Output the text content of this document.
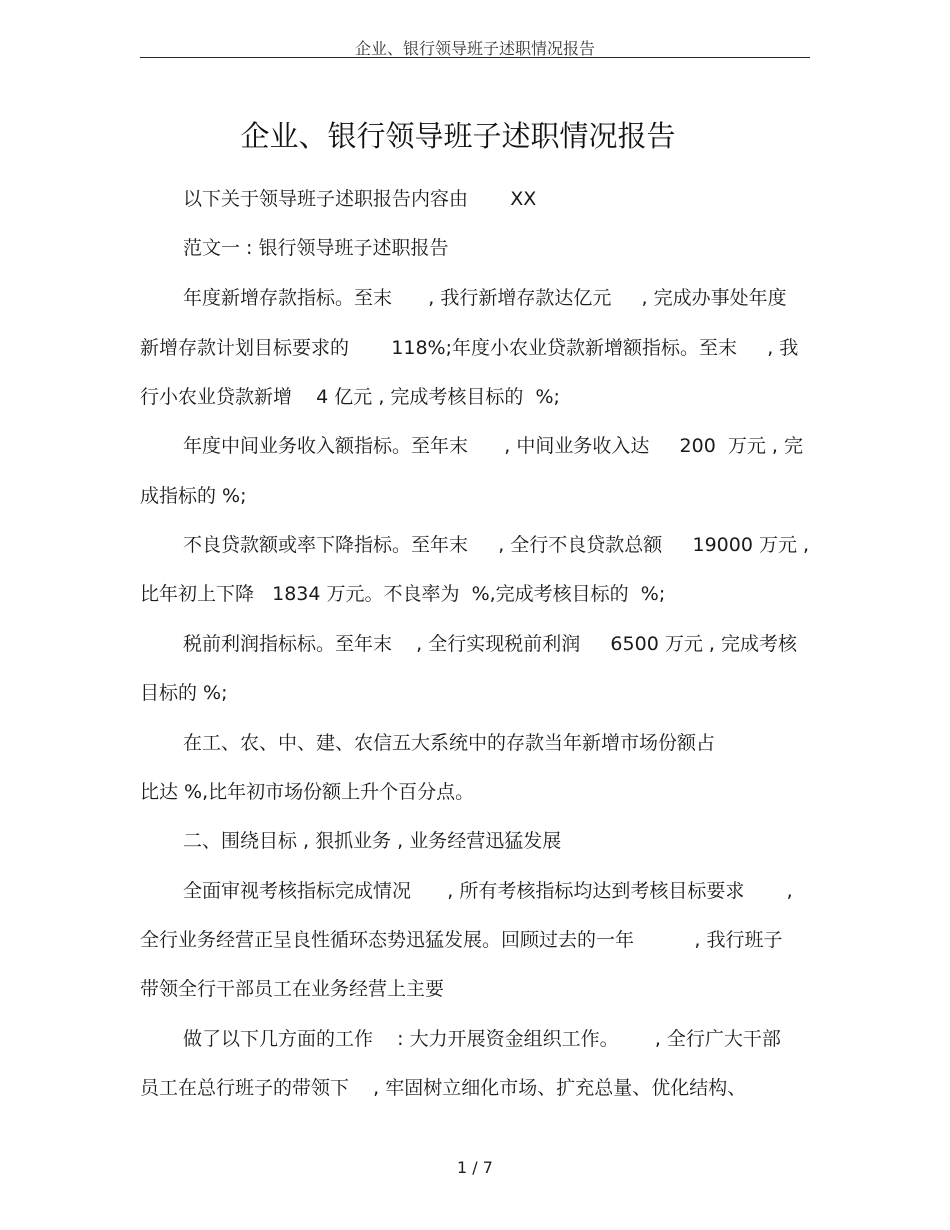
企业、银行领导班子述职情况报告
企业、银行领导班子述职情况报告
以下关于领导班子述职报告内容由       XX
范文一 : 银行领导班子述职报告
年度新增存款指标。至末      , 我行新增存款达亿元     , 完成办事处年度
新增存款计划目标要求的       118%;年度小农业贷款新增额指标。至末     , 我
行小农业贷款新增    4 亿元 , 完成考核目标的  %;
年度中间业务收入额指标。至年末      , 中间业务收入达     200  万元 , 完
成指标的 %;
不良贷款额或率下降指标。至年末     , 全行不良贷款总额     19000 万元 ,
比年初上下降   1834 万元。不良率为  %,完成考核目标的  %;
税前利润指标标。至年末    , 全行实现税前利润     6500 万元 , 完成考核
目标的 %;
在工、农、中、建、农信五大系统中的存款当年新增市场份额占
比达 %,比年初市场份额上升个百分点。
二、围绕目标 , 狠抓业务 , 业务经营迅猛发展
全面审视考核指标完成情况      , 所有考核指标均达到考核目标要求       ,
全行业务经营正呈良性循环态势迅猛发展。回顾过去的一年          , 我行班子
带领全行干部员工在业务经营上主要
做了以下几方面的工作    : 大力开展资金组织工作。      , 全行广大干部
员工在总行班子的带领下    , 牢固树立细化市场、扩充总量、优化结构、
1 / 7
